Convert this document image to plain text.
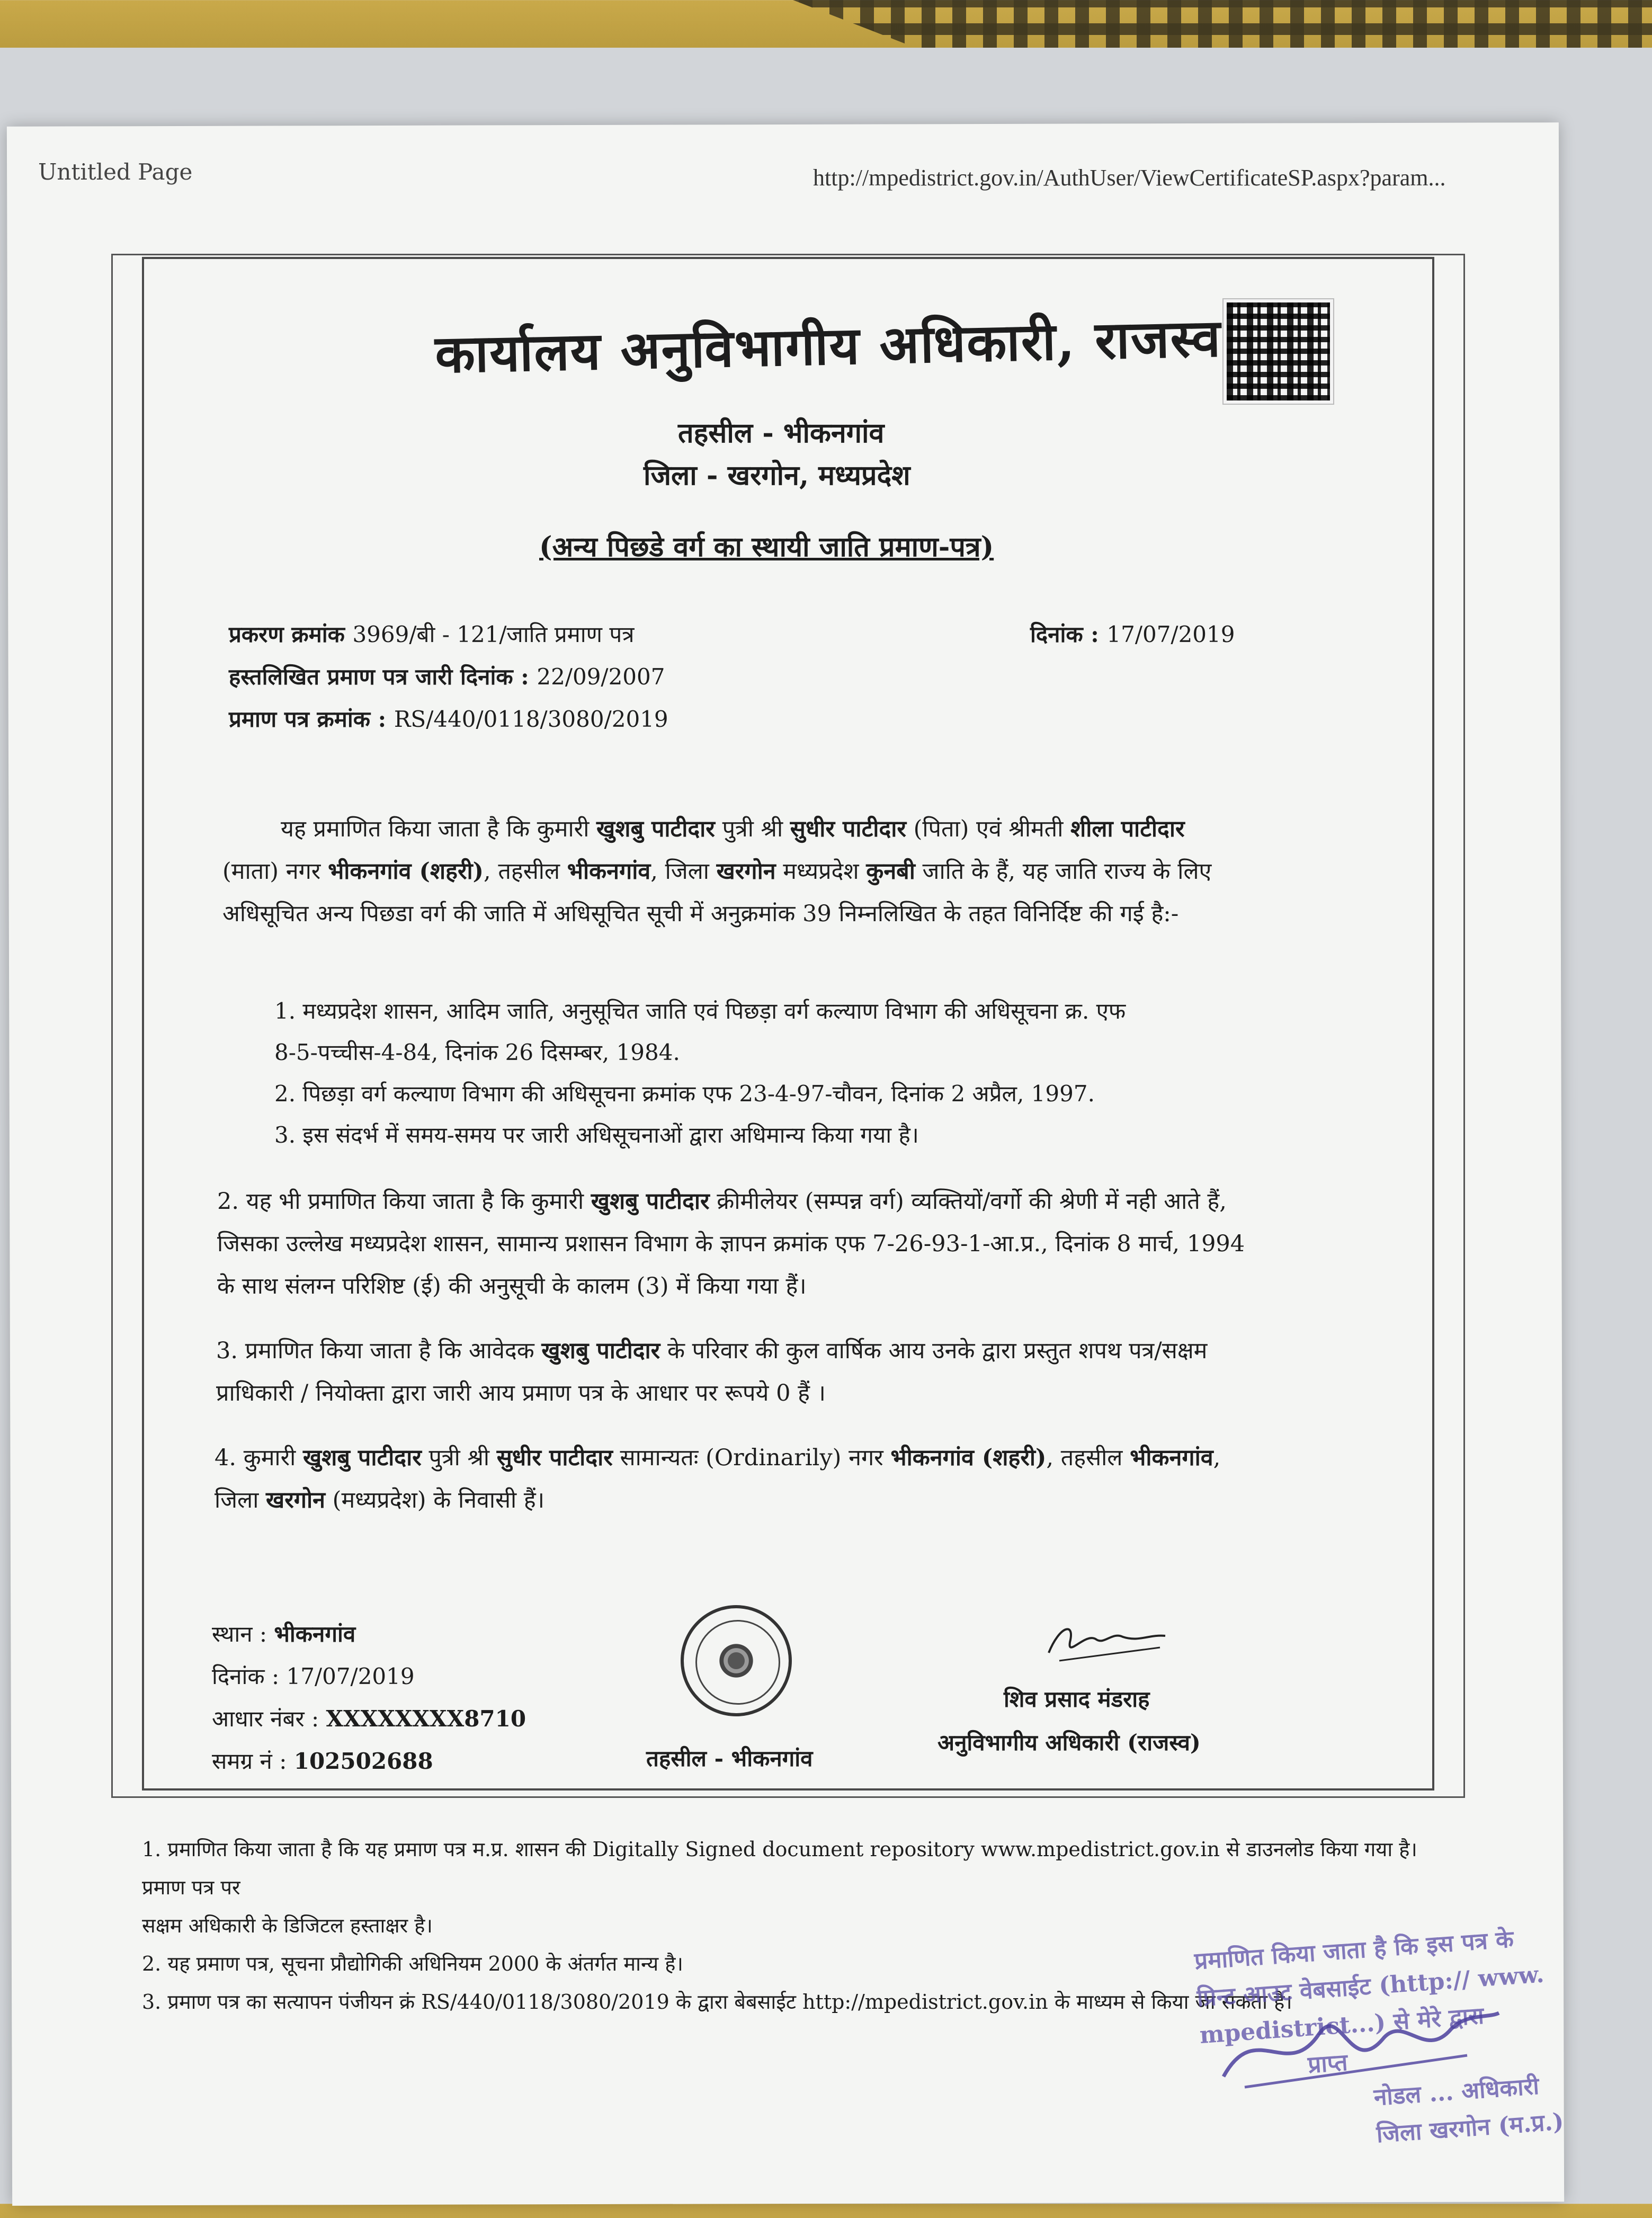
Untitled Page	http://mpedistrict.gov.in/AuthUser/ViewCertificateSP.aspx?param...
कार्यालय अनुविभागीय अधिकारी, राजस्व
तहसील - भीकनगांव
जिला - खरगोन, मध्यप्रदेश
(अन्य पिछडे वर्ग का स्थायी जाति प्रमाण-पत्र)
प्रकरण क्रमांक 3969/बी - 121/जाति प्रमाण पत्र	दिनांक : 17/07/2019
हस्तलिखित प्रमाण पत्र जारी दिनांक : 22/09/2007
प्रमाण पत्र क्रमांक : RS/440/0118/3080/2019
यह प्रमाणित किया जाता है कि कुमारी खुशबु पाटीदार पुत्री श्री सुधीर पाटीदार (पिता) एवं श्रीमती शीला पाटीदार (माता) नगर भीकनगांव (शहरी), तहसील भीकनगांव, जिला खरगोन मध्यप्रदेश कुनबी जाति के हैं, यह जाति राज्य के लिए अधिसूचित अन्य पिछडा वर्ग की जाति में अधिसूचित सूची में अनुक्रमांक 39 निम्नलिखित के तहत विनिर्दिष्ट की गई है:-
1. मध्यप्रदेश शासन, आदिम जाति, अनुसूचित जाति एवं पिछड़ा वर्ग कल्याण विभाग की अधिसूचना क्र. एफ
8-5-पच्चीस-4-84, दिनांक 26 दिसम्बर, 1984.
2. पिछड़ा वर्ग कल्याण विभाग की अधिसूचना क्रमांक एफ 23-4-97-चौवन, दिनांक 2 अप्रैल, 1997.
3. इस संदर्भ में समय-समय पर जारी अधिसूचनाओं द्वारा अधिमान्य किया गया है।
2. यह भी प्रमाणित किया जाता है कि कुमारी खुशबु पाटीदार क्रीमीलेयर (सम्पन्न वर्ग) व्यक्तियों/वर्गो की श्रेणी में नही आते हैं, जिसका उल्लेख मध्यप्रदेश शासन, सामान्य प्रशासन विभाग के ज्ञापन क्रमांक एफ 7-26-93-1-आ.प्र., दिनांक 8 मार्च, 1994 के साथ संलग्न परिशिष्ट (ई) की अनुसूची के कालम (3) में किया गया हैं।
3. प्रमाणित किया जाता है कि आवेदक खुशबु पाटीदार के परिवार की कुल वार्षिक आय उनके द्वारा प्रस्तुत शपथ पत्र/सक्षम प्राधिकारी / नियोक्ता द्वारा जारी आय प्रमाण पत्र के आधार पर रूपये 0 हैं ।
4. कुमारी खुशबु पाटीदार पुत्री श्री सुधीर पाटीदार सामान्यतः (Ordinarily) नगर भीकनगांव (शहरी), तहसील भीकनगांव, जिला खरगोन (मध्यप्रदेश) के निवासी हैं।
स्थान : भीकनगांव
दिनांक : 17/07/2019
आधार नंबर : XXXXXXXX8710
समग्र नं : 102502688	तहसील - भीकनगांव
शिव प्रसाद मंडराह
अनुविभागीय अधिकारी (राजस्व)
1. प्रमाणित किया जाता है कि यह प्रमाण पत्र म.प्र. शासन की Digitally Signed document repository www.mpedistrict.gov.in से डाउनलोड किया गया है। प्रमाण पत्र पर
सक्षम अधिकारी के डिजिटल हस्ताक्षर है।
2. यह प्रमाण पत्र, सूचना प्रौद्योगिकी अधिनियम 2000 के अंतर्गत मान्य है।
3. प्रमाण पत्र का सत्यापन पंजीयन क्रं RS/440/0118/3080/2019 के द्वारा बेबसाईट http://mpedistrict.gov.in के माध्यम से किया जा सकता है।
प्रमाणित किया जाता है कि इस पत्र के
प्रिन्ट आउट वेबसाईट (http:// www.
mpedistrict...) से मेरे द्वारा
प्राप्त
नोडल ... अधिकारी
जिला खरगोन (म.प्र.)
